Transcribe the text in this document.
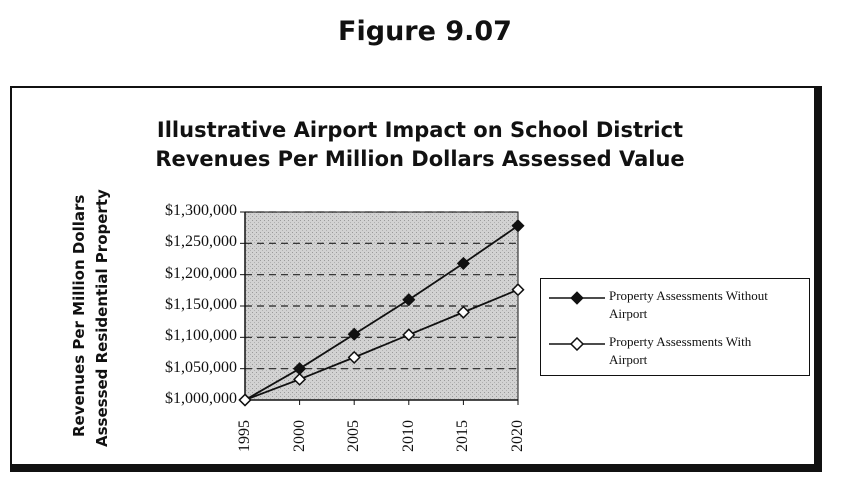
Figure 9.07
Illustrative Airport Impact on School District
Revenues Per Million Dollars Assessed Value
Revenues Per Million Dollars Assessed Residential Property	$1,000,000
$1,050,000
$1,100,000
$1,150,000
$1,200,000
$1,250,000
$1,300,000
1995 2000 2005 2010 2015 2020
Property Assessments Without
Airport
Property Assessments With
Airport
